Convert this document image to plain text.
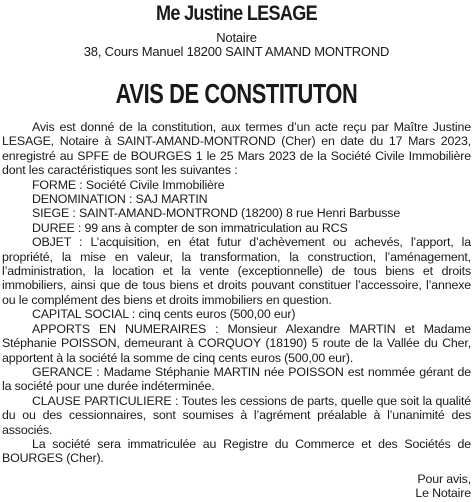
Me Justine LESAGE
Notaire
38, Cours Manuel 18200 SAINT AMAND MONTROND
AVIS DE CONSTITUTON

Avis est donné de la constitution, aux termes d’un acte reçu par Maître Justine LESAGE, Notaire à SAINT-AMAND-MONTROND (Cher) en date du 17 Mars 2023, enregistré au SPFE de BOURGES 1 le 25 Mars 2023 de la Société Civile Immobilière dont les caractéristiques sont les suivantes :

FORME : Société Civile Immobilière

DENOMINATION : SAJ MARTIN

SIEGE : SAINT-AMAND-MONTROND (18200) 8 rue Henri Barbusse

DUREE : 99 ans à compter de son immatriculation au RCS

OBJET : L’acquisition, en état futur d’achèvement ou achevés, l’apport, la propriété, la mise en valeur, la transformation, la construction, l’aménagement, l’administration, la location et la vente (exceptionnelle) de tous biens et droits immobiliers, ainsi que de tous biens et droits pouvant constituer l’accessoire, l’annexe ou le complément des biens et droits immobiliers en question.

CAPITAL SOCIAL : cinq cents euros (500,00 eur)

APPORTS EN NUMERAIRES : Monsieur Alexandre MARTIN et Madame Stéphanie POISSON, demeurant à CORQUOY (18190) 5 route de la Vallée du Cher, apportent à la société la somme de cinq cents euros (500,00 eur).

GERANCE : Madame Stéphanie MARTIN née POISSON est nommée gérant de la société pour une durée indéterminée.

CLAUSE PARTICULIERE : Toutes les cessions de parts, quelle que soit la qualité du ou des cessionnaires, sont soumises à l’agrément préalable à l’unanimité des associés.

La société sera immatriculée au Registre du Commerce et des Sociétés de BOURGES (Cher).

Pour avis,
Le Notaire
